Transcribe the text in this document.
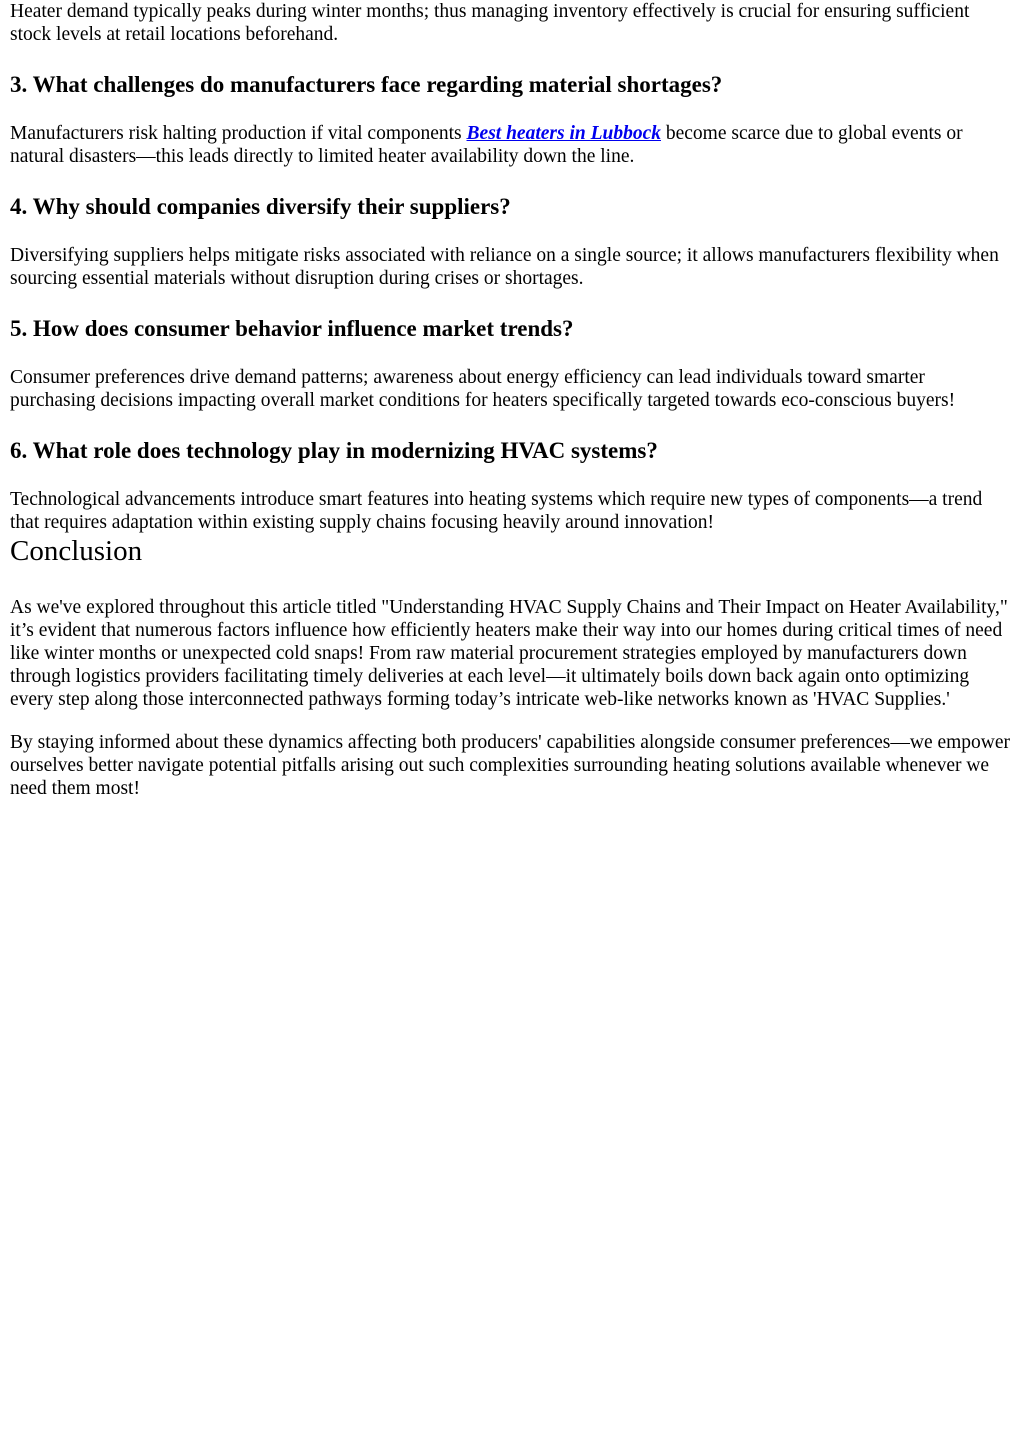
Heater demand typically peaks during winter months; thus managing inventory effectively is crucial for ensuring sufficient stock levels at retail locations beforehand.

3. What challenges do manufacturers face regarding material shortages?

Manufacturers risk halting production if vital components Best heaters in Lubbock become scarce due to global events or natural disasters—this leads directly to limited heater availability down the line.

4. Why should companies diversify their suppliers?

Diversifying suppliers helps mitigate risks associated with reliance on a single source; it allows manufacturers flexibility when sourcing essential materials without disruption during crises or shortages.

5. How does consumer behavior influence market trends?

Consumer preferences drive demand patterns; awareness about energy efficiency can lead individuals toward smarter purchasing decisions impacting overall market conditions for heaters specifically targeted towards eco-conscious buyers!

6. What role does technology play in modernizing HVAC systems?

Technological advancements introduce smart features into heating systems which require new types of components—a trend that requires adaptation within existing supply chains focusing heavily around innovation!

Conclusion

As we've explored throughout this article titled "Understanding HVAC Supply Chains and Their Impact on Heater Availability," it’s evident that numerous factors influence how efficiently heaters make their way into our homes during critical times of need like winter months or unexpected cold snaps! From raw material procurement strategies employed by manufacturers down through logistics providers facilitating timely deliveries at each level—it ultimately boils down back again onto optimizing every step along those interconnected pathways forming today’s intricate web-like networks known as 'HVAC Supplies.'

By staying informed about these dynamics affecting both producers' capabilities alongside consumer preferences—we empower ourselves better navigate potential pitfalls arising out such complexities surrounding heating solutions available whenever we need them most!
